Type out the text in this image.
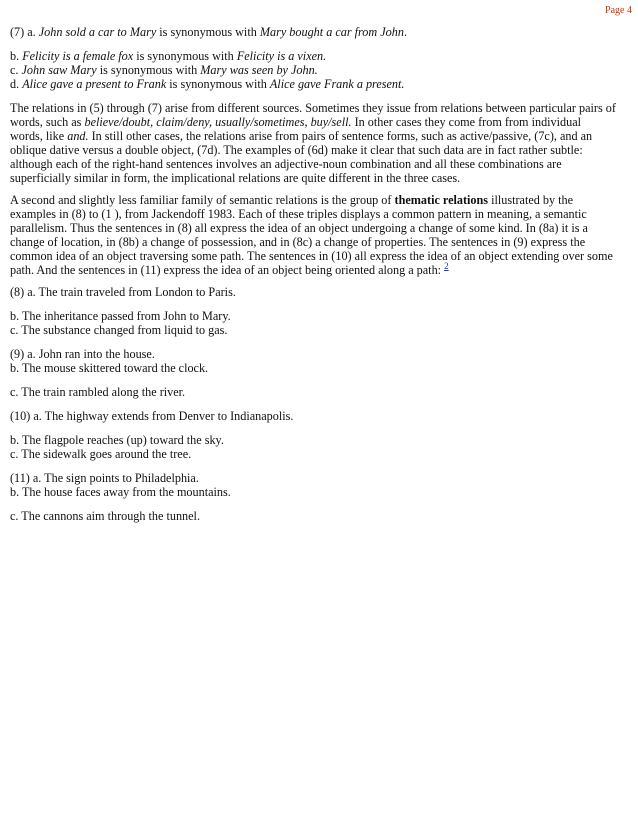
Page 4
(7) a. John sold a car to Mary is synonymous with Mary bought a car from John.
b. Felicity is a female fox is synonymous with Felicity is a vixen.
c. John saw Mary is synonymous with Mary was seen by John.
d. Alice gave a present to Frank is synonymous with Alice gave Frank a present.
The relations in (5) through (7) arise from different sources. Sometimes they issue from relations between particular pairs of
words, such as believe/doubt, claim/deny, usually/sometimes, buy/sell. In other cases they come from from individual
words, like and. In still other cases, the relations arise from pairs of sentence forms, such as active/passive, (7c), and an
oblique dative versus a double object, (7d). The examples of (6d) make it clear that such data are in fact rather subtle:
although each of the right-hand sentences involves an adjective-noun combination and all these combinations are
superficially similar in form, the implicational relations are quite different in the three cases.
A second and slightly less familiar family of semantic relations is the group of thematic relations illustrated by the
examples in (8) to (1 ), from Jackendoff 1983. Each of these triples displays a common pattern in meaning, a semantic
parallelism. Thus the sentences in (8) all express the idea of an object undergoing a change of some kind. In (8a) it is a
change of location, in (8b) a change of possession, and in (8c) a change of properties. The sentences in (9) express the
common idea of an object traversing some path. The sentences in (10) all express the idea of an object extending over some
path. And the sentences in (11) express the idea of an object being oriented along a path: $^2$
(8) a. The train traveled from London to Paris.
b. The inheritance passed from John to Mary.
c. The substance changed from liquid to gas.
(9) a. John ran into the house.
b. The mouse skittered toward the clock.
c. The train rambled along the river.
(10) a. The highway extends from Denver to Indianapolis.
b. The flagpole reaches (up) toward the sky.
c. The sidewalk goes around the tree.
(11) a. The sign points to Philadelphia.
b. The house faces away from the mountains.
c. The cannons aim through the tunnel.
